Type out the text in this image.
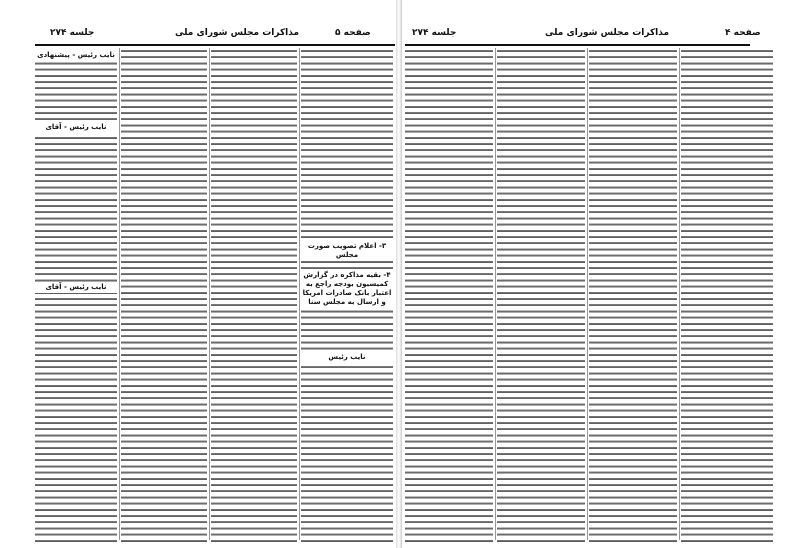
جلسه ۲۷۴	مذاکرات مجلس شورای ملی	صفحه ۵
نایب رئیس - پیشنهادی
نایب رئیس - آقای
نایب رئیس - آقای
۳- اعلام تصویب صورت مجلس
۴- بقیه مذاکره در گزارش کمیسیون بودجه راجع به اعتبار بانک صادرات امریکا و ارسال به مجلس سنا
نایب رئیس
جلسه ۲۷۴	مذاکرات مجلس شورای ملی	صفحه ۴
